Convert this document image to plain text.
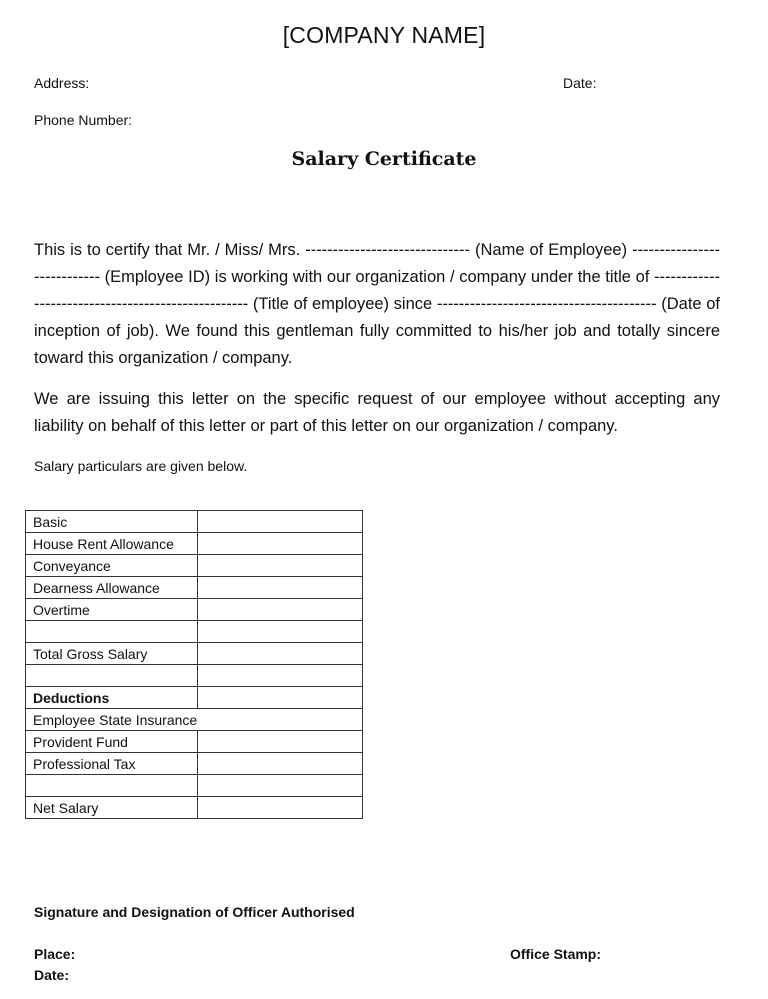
[COMPANY NAME]
Address:	Date:
Phone Number:
Salary Certificate

This is to certify that Mr. / Miss/ Mrs. ------------------------------ (Name of Employee) ---------------------------- (Employee ID) is working with our organization / company under the title of --------------------------------------------------- (Title of employee) since ---------------------------------------- (Date of inception of job). We found this gentleman fully committed to his/her job and totally sincere toward this organization / company.

We are issuing this letter on the specific request of our employee without accepting any liability on behalf of this letter or part of this letter on our organization / company.

Salary particulars are given below.
Basic	
House Rent Allowance	
Conveyance	
Dearness Allowance	
Overtime	

Total Gross Salary	

Deductions	
Employee State Insurance	
Provident Fund	
Professional Tax	

Net Salary	
Signature and Designation of Officer Authorised
Place:	Office Stamp:
Date:
